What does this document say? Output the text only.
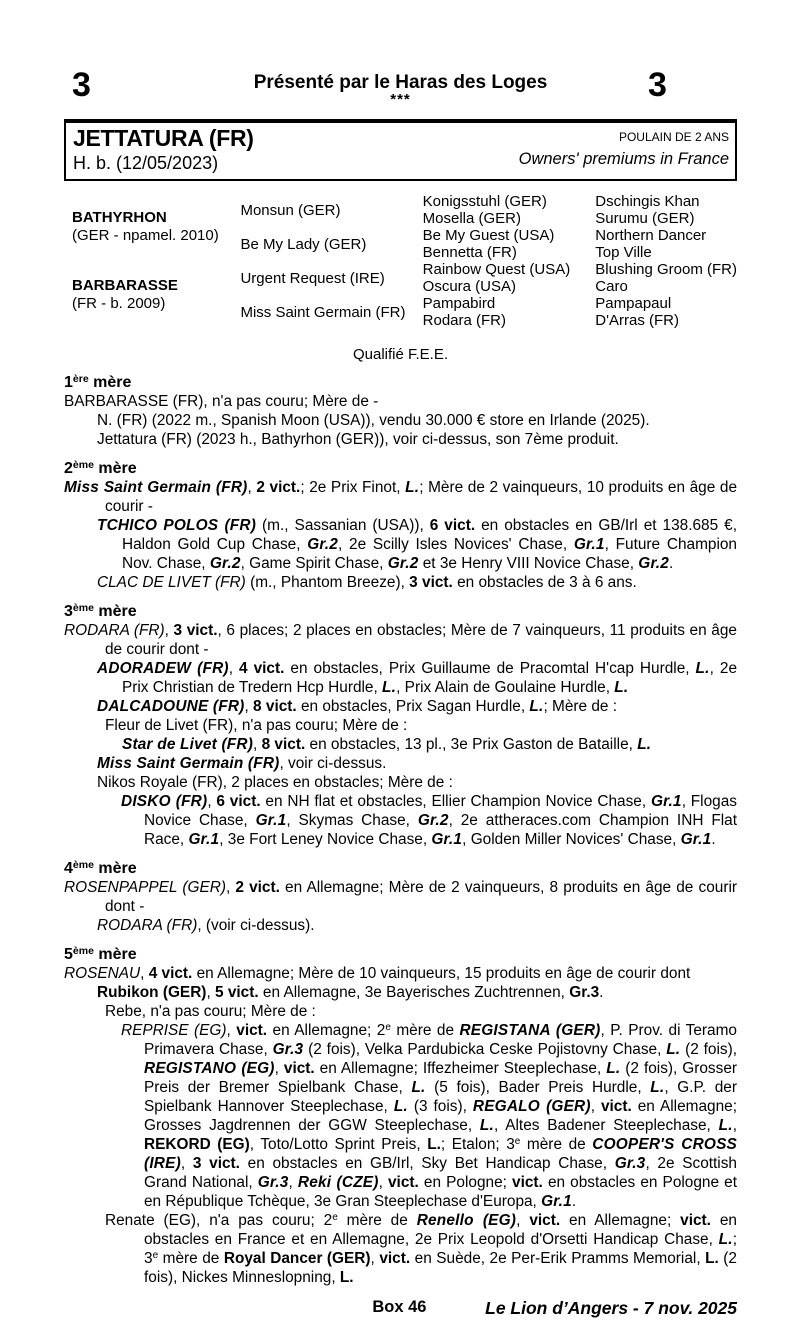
3	3
Présenté par le Haras des Loges
***
JETTATURA (FR)
H. b. (12/05/2023)
POULAIN DE 2 ANS
Owners' premiums in France
BATHYRHON
(GER - npamel. 2010)
BARBARASSE
(FR - b. 2009)
Monsun (GER)
Be My Lady (GER)
Urgent Request (IRE)
Miss Saint Germain (FR)
Konigsstuhl (GER)
Mosella (GER)
Be My Guest (USA)
Bennetta (FR)
Rainbow Quest (USA)
Oscura (USA)
Pampabird
Rodara (FR)
Dschingis Khan
Surumu (GER)
Northern Dancer
Top Ville
Blushing Groom (FR)
Caro
Pampapaul
D'Arras (FR)
Qualifié F.E.E.
1ère mère

BARBARASSE (FR), n'a pas couru; Mère de -

N. (FR) (2022 m., Spanish Moon (USA)), vendu 30.000 € store en Irlande (2025).

Jettatura (FR) (2023 h., Bathyrhon (GER)), voir ci-dessus, son 7ème produit.

2ème mère

Miss Saint Germain (FR), 2 vict.; 2e Prix Finot, L.; Mère de 2 vainqueurs, 10 produits en âge de courir -

TCHICO POLOS (FR) (m., Sassanian (USA)), 6 vict. en obstacles en GB/Irl et 138.685 €, Haldon Gold Cup Chase, Gr.2, 2e Scilly Isles Novices' Chase, Gr.1, Future Champion Nov. Chase, Gr.2, Game Spirit Chase, Gr.2 et 3e Henry VIII Novice Chase, Gr.2.

CLAC DE LIVET (FR) (m., Phantom Breeze), 3 vict. en obstacles de 3 à 6 ans.

3ème mère

RODARA (FR), 3 vict., 6 places; 2 places en obstacles; Mère de 7 vainqueurs, 11 produits en âge de courir dont -

ADORADEW (FR), 4 vict. en obstacles, Prix Guillaume de Pracomtal H'cap Hurdle, L., 2e Prix Christian de Tredern Hcp Hurdle, L., Prix Alain de Goulaine Hurdle, L.

DALCADOUNE (FR), 8 vict. en obstacles, Prix Sagan Hurdle, L.; Mère de :

Fleur de Livet (FR), n'a pas couru; Mère de :

Star de Livet (FR), 8 vict. en obstacles, 13 pl., 3e Prix Gaston de Bataille, L.

Miss Saint Germain (FR), voir ci-dessus.

Nikos Royale (FR), 2 places en obstacles; Mère de :

DISKO (FR), 6 vict. en NH flat et obstacles, Ellier Champion Novice Chase, Gr.1, Flogas Novice Chase, Gr.1, Skymas Chase, Gr.2, 2e attheraces.com Champion INH Flat Race, Gr.1, 3e Fort Leney Novice Chase, Gr.1, Golden Miller Novices' Chase, Gr.1.

4ème mère

ROSENPAPPEL (GER), 2 vict. en Allemagne; Mère de 2 vainqueurs, 8 produits en âge de courir dont -

RODARA (FR), (voir ci-dessus).

5ème mère

ROSENAU, 4 vict. en Allemagne; Mère de 10 vainqueurs, 15 produits en âge de courir dont

Rubikon (GER), 5 vict. en Allemagne, 3e Bayerisches Zuchtrennen, Gr.3.

Rebe, n'a pas couru; Mère de :

REPRISE (EG), vict. en Allemagne; 2e mère de REGISTANA (GER), P. Prov. di Teramo Primavera Chase, Gr.3 (2 fois), Velka Pardubicka Ceske Pojistovny Chase, L. (2 fois), REGISTANO (EG), vict. en Allemagne; Iffezheimer Steeplechase, L. (2 fois), Grosser Preis der Bremer Spielbank Chase, L. (5 fois), Bader Preis Hurdle, L., G.P. der Spielbank Hannover Steeplechase, L. (3 fois), REGALO (GER), vict. en Allemagne; Grosses Jagdrennen der GGW Steeplechase, L., Altes Badener Steeplechase, L., REKORD (EG), Toto/Lotto Sprint Preis, L.; Etalon; 3e mère de COOPER'S CROSS (IRE), 3 vict. en obstacles en GB/Irl, Sky Bet Handicap Chase, Gr.3, 2e Scottish Grand National, Gr.3, Reki (CZE), vict. en Pologne; vict. en obstacles en Pologne et en République Tchèque, 3e Gran Steeplechase d'Europa, Gr.1.

Renate (EG), n'a pas couru; 2e mère de Renello (EG), vict. en Allemagne; vict. en obstacles en France et en Allemagne, 2e Prix Leopold d'Orsetti Handicap Chase, L.; 3e mère de Royal Dancer (GER), vict. en Suède, 2e Per-Erik Pramms Memorial, L. (2 fois), Nickes Minneslopning, L.

Box 46	Le Lion d’Angers - 7 nov. 2025
